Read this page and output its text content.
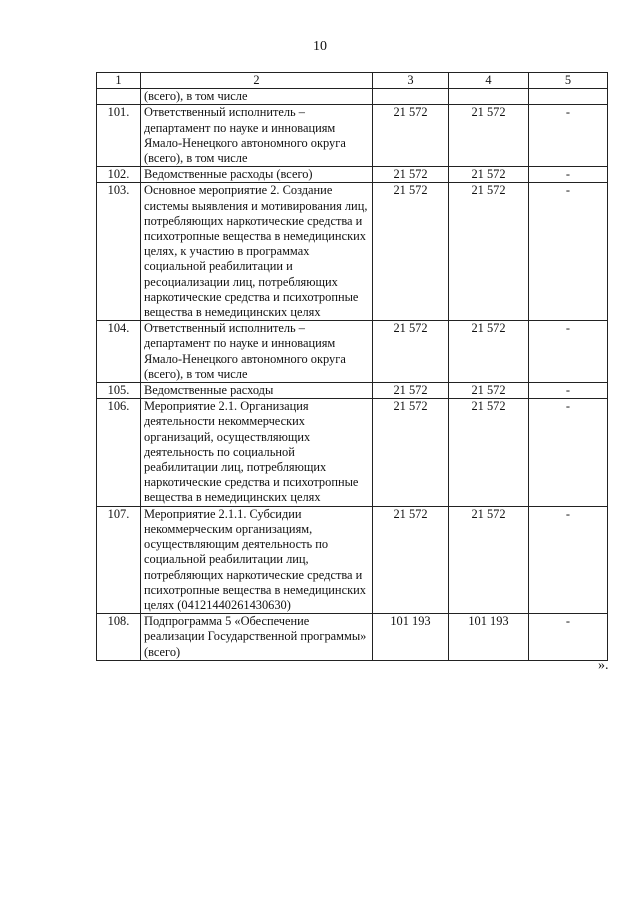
10
1	2	3	4	5
	(всего), в том числе			
101.	Ответственный исполнитель – департамент по науке и инновациям Ямало-Ненецкого автономного округа (всего), в том числе	21 572	21 572	-
102.	Ведомственные расходы (всего)	21 572	21 572	-
103.	Основное мероприятие 2. Создание системы выявления и мотивирования лиц, потребляющих наркотические средства и психотропные вещества в немедицинских целях, к участию в программах социальной реабилитации и ресоциализации лиц, потребляющих наркотические средства и психотропные вещества в немедицинских целях	21 572	21 572	-
104.	Ответственный исполнитель – департамент по науке и инновациям Ямало-Ненецкого автономного округа (всего), в том числе	21 572	21 572	-
105.	Ведомственные расходы	21 572	21 572	-
106.	Мероприятие 2.1. Организация деятельности некоммерческих организаций, осуществляющих деятельность по социальной реабилитации лиц, потребляющих наркотические средства и психотропные вещества в немедицинских целях	21 572	21 572	-
107.	Мероприятие 2.1.1. Субсидии некоммерческим организациям, осуществляющим деятельность по социальной реабилитации лиц, потребляющих наркотические средства и психотропные вещества в немедицинских целях (04121440261430630)	21 572	21 572	-
108.	Подпрограмма 5 «Обеспечение реализации Государственной программы» (всего)	101 193	101 193	-
».
